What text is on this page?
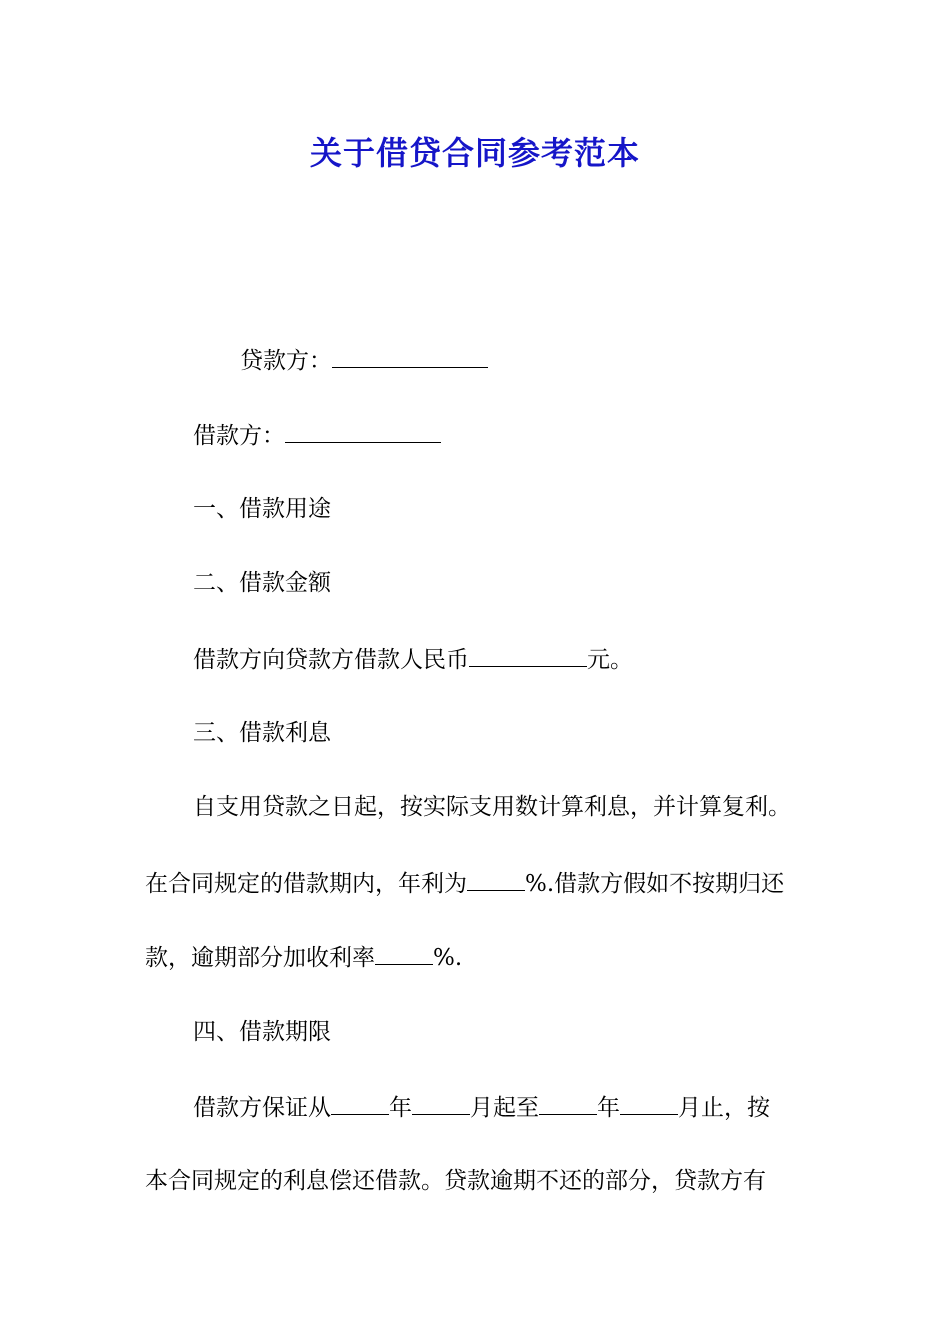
关于借贷合同参考范本
贷款方：
借款方：
一、借款用途
二、借款金额
借款方向贷款方借款人民币	元。
三、借款利息
自支用贷款之日起，按实际支用数计算利息，并计算复利。
在合同规定的借款期内，年利为	%.借款方假如不按期归还
款，逾期部分加收利率	%.
四、借款期限
借款方保证从	年	月起至	年	月止，按
本合同规定的利息偿还借款。贷款逾期不还的部分，贷款方有
